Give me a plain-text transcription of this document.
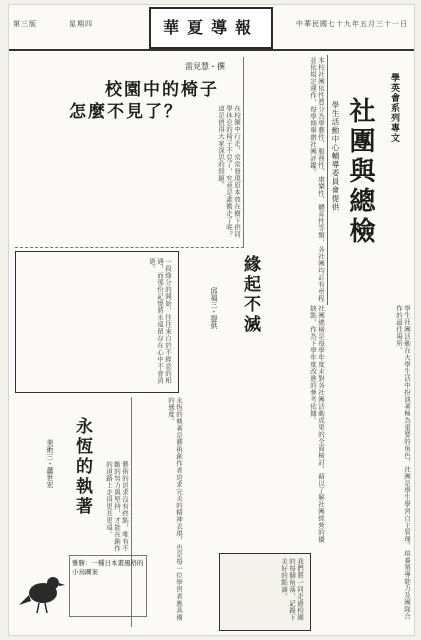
第三版　　　　星期四	華夏導報	中華民國七十九年五月三十一日
學英會系列專文
社團與總檢
學生活動中心輔導委員會提供
學生社團活動在大學生活中扮演著極為重要的角色，社團是學生學習自主管理、培養領導能力及團隊合作的最佳場所。
本校社團依性質分為學藝性、服務性、康樂性、體育性等類，各社團均訂有章程並依規定運作，每學期舉辦社團評鑑。
社團總檢是每學年度末對各社團活動成果的全面檢討，藉以了解社團經營的優缺點，作為下學年度改進的參考依據。
在校園中行走，常常發現原本放在樹下供同學休息的椅子不見了，究竟是誰搬走了呢？這是值得大家深思的問題。
永恆的執著是藝術創作者追求完美的精神表現，也是每一位學習者應具備的態度。
藝術的追求沒有終點，唯有不斷的努力與堅持，才能在創作的道路上走得更長更遠。
雷見慧・撰
校園中的椅子
怎麼不見了？
一段緣分的開始，往往來自於不經意的相遇，而那份記憶將永遠留存在心中不會消逝。	緣起不滅
邱福三・提供
永恆的執著
美術三・蕭世宏
雅勝：一種日本畫風格的小鳥圖案	我們將一同走過校園的每個角落，記錄下美好的點滴。
